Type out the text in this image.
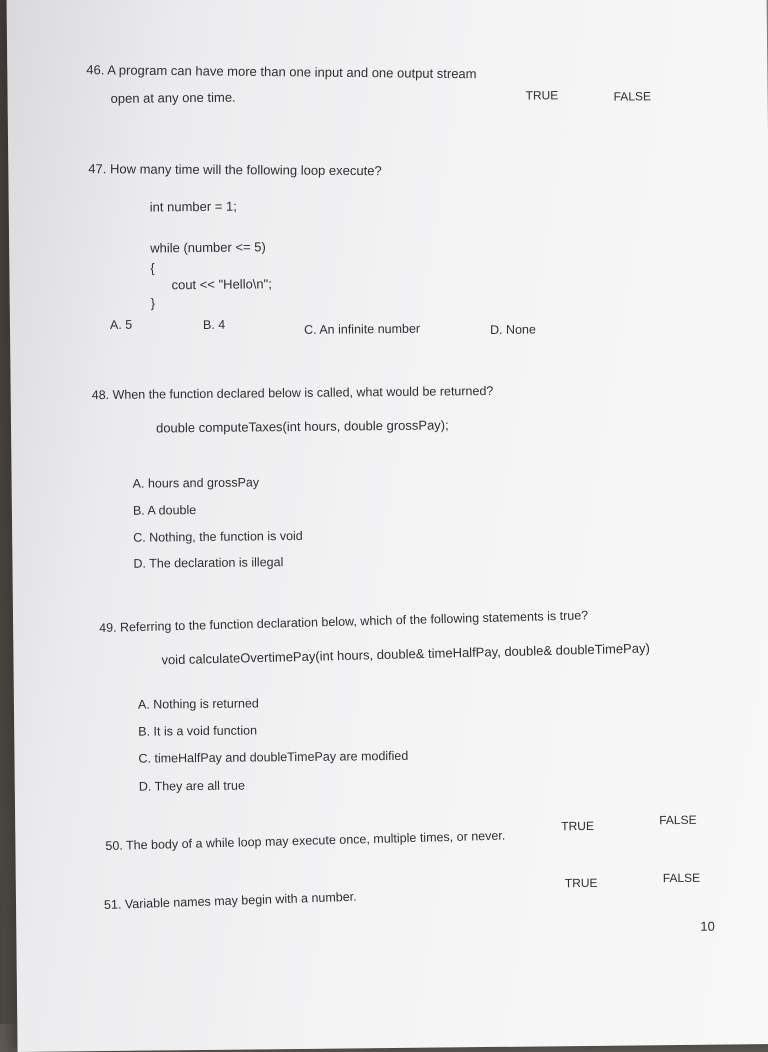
46. A program can have more than one input and one output stream
open at any one time.	TRUE	FALSE
47. How many time will the following loop execute?
int number = 1;
while (number <= 5)
{
cout << "Hello\n";
}
A. 5	B. 4	C. An infinite number	D. None
48. When the function declared below is called, what would be returned?
double computeTaxes(int hours, double grossPay);
A. hours and grossPay
B. A double
C. Nothing, the function is void
D. The declaration is illegal
49. Referring to the function declaration below, which of the following statements is true?
void calculateOvertimePay(int hours, double& timeHalfPay, double& doubleTimePay)
A. Nothing is returned
B. It is a void function
C. timeHalfPay and doubleTimePay are modified
D. They are all true
50. The body of a while loop may execute once, multiple times, or never.
TRUE	FALSE
51. Variable names may begin with a number.
TRUE	FALSE
10
